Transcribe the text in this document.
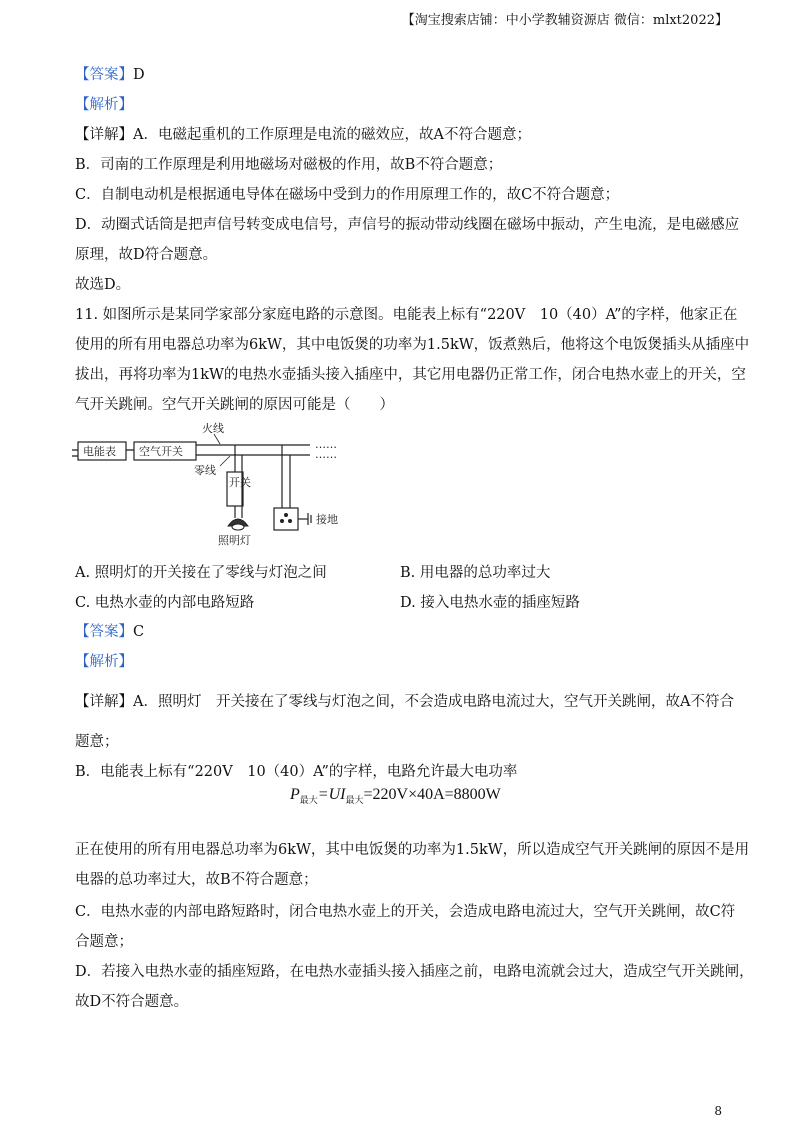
【淘宝搜索店铺：中小学教辅资源店 微信：mlxt2022】
【答案】D
【解析】
【详解】A．电磁起重机的工作原理是电流的磁效应，故A不符合题意；
B．司南的工作原理是利用地磁场对磁极的作用，故B不符合题意；
C．自制电动机是根据通电导体在磁场中受到力的作用原理工作的，故C不符合题意；
D．动圈式话筒是把声信号转变成电信号，声信号的振动带动线圈在磁场中振动，产生电流，是电磁感应
原理，故D符合题意。
故选D。
11. 如图所示是某同学家部分家庭电路的示意图。电能表上标有“220V　10（40）A”的字样，他家正在
使用的所有用电器总功率为6kW，其中电饭煲的功率为1.5kW，饭煮熟后，他将这个电饭煲插头从插座中
拔出，再将功率为1kW的电热水壶插头接入插座中，其它用电器仍正常工作，闭合电热水壶上的开关，空
气开关跳闸。空气开关跳闸的原因可能是（　　）
电能表 空气开关
……
……
火线
零线
开关
照明灯
接地
A. 照明灯的开关接在了零线与灯泡之间	B. 用电器的总功率过大
C. 电热水壶的内部电路短路	D. 接入电热水壶的插座短路
【答案】C
【解析】
【详解】A．照明灯　开关接在了零线与灯泡之间，不会造成电路电流过大，空气开关跳闸，故A不符合
题意；
B．电能表上标有“220V　10（40）A”的字样，电路允许最大电功率
$P_{最大}=UI_{最大}=220V\times 40A=8800W$
正在使用的所有用电器总功率为6kW，其中电饭煲的功率为1.5kW，所以造成空气开关跳闸的原因不是用
电器的总功率过大，故B不符合题意；
C．电热水壶的内部电路短路时，闭合电热水壶上的开关，会造成电路电流过大，空气开关跳闸，故C符
合题意；
D．若接入电热水壶的插座短路，在电热水壶插头接入插座之前，电路电流就会过大，造成空气开关跳闸，
故D不符合题意。
8
